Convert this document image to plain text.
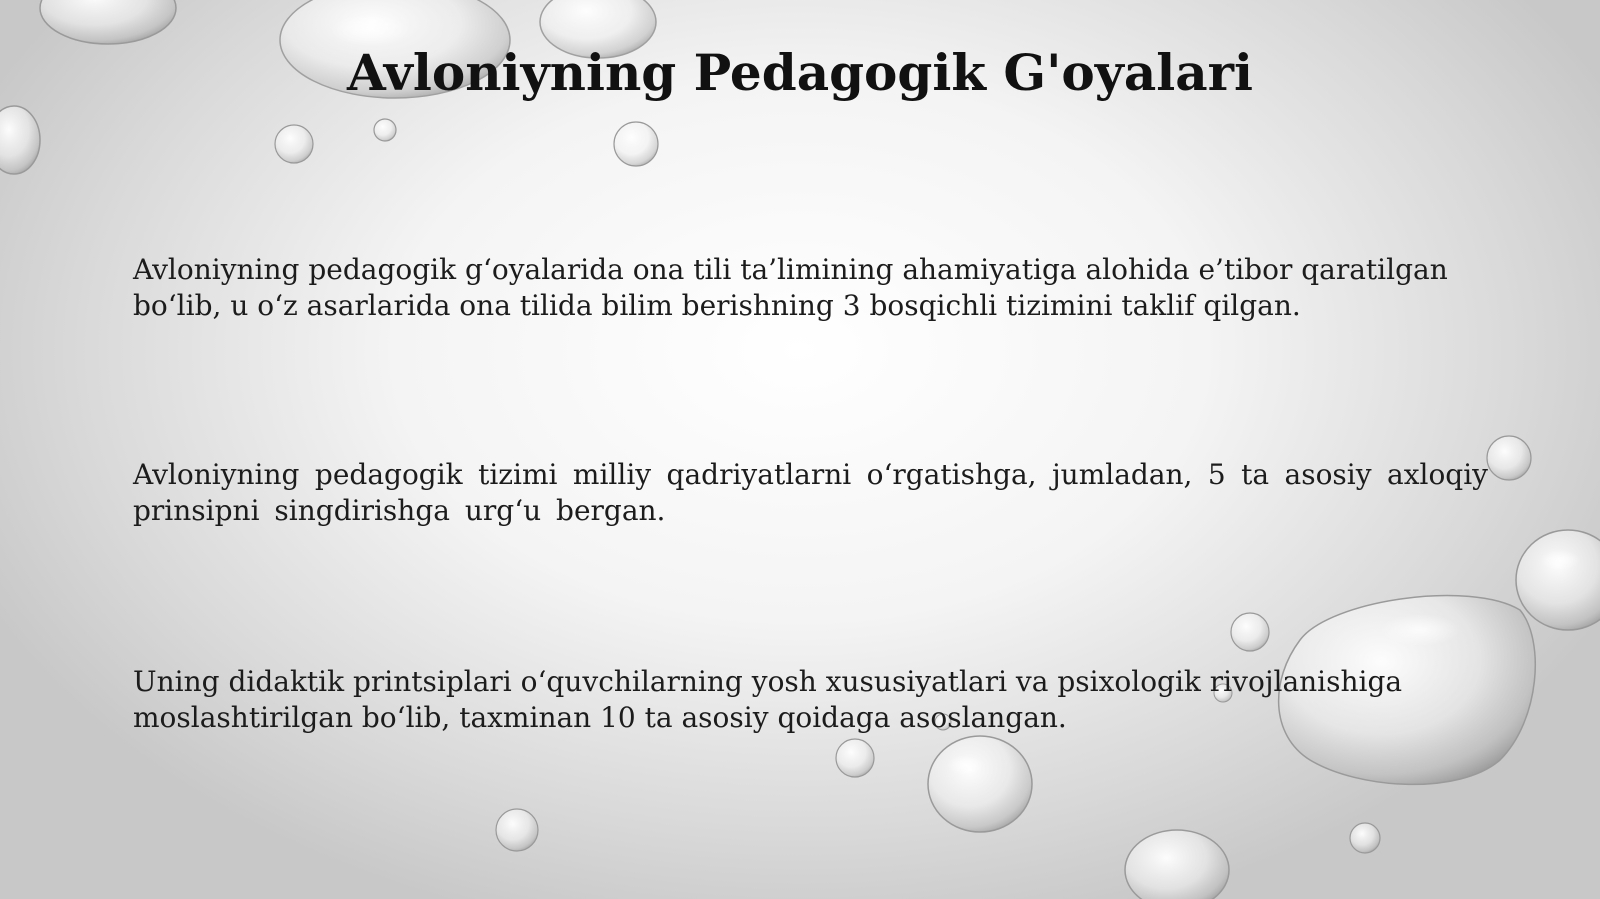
Avloniyning Pedagogik G'oyalari

Avloniyning pedagogik g‘oyalarida ona tili ta’limining ahamiyatiga alohida e’tibor qaratilgan bo‘lib, u o‘z asarlarida ona tilida bilim berishning 3 bosqichli tizimini taklif qilgan.

Avloniyning pedagogik tizimi milliy qadriyatlarni o‘rgatishga, jumladan, 5 ta asosiy axloqiy prinsipni singdirishga urg‘u bergan.

Uning didaktik printsiplari o‘quvchilarning yosh xususiyatlari va psixologik rivojlanishiga moslashtirilgan bo‘lib, taxminan 10 ta asosiy qoidaga asoslangan.
